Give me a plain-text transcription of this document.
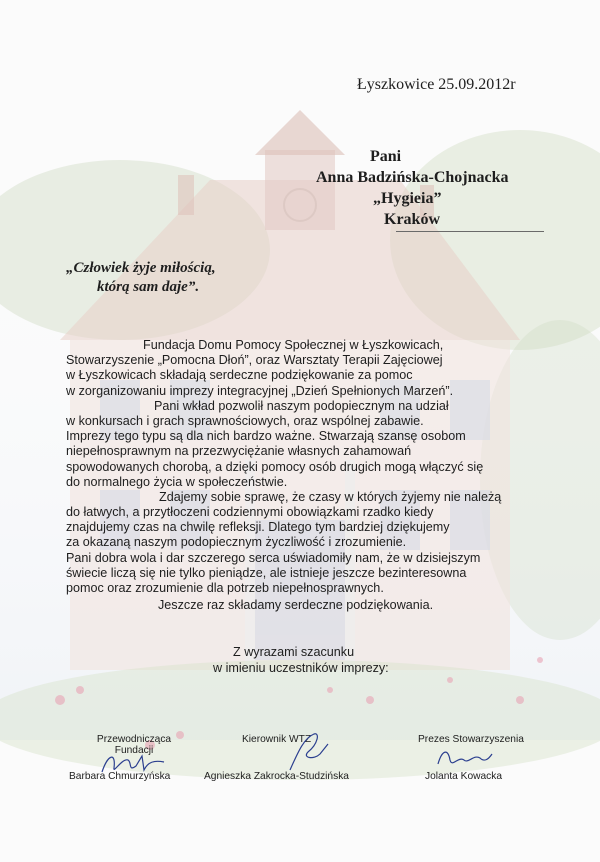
Łyszkowice 25.09.2012r

Pani
Anna Badzińska-Chojnacka
„Hygieia”
Kraków
„Człowiek żyje miłością,
którą sam daje”.
Fundacja Domu Pomocy Społecznej w Łyszkowicach,
Stowarzyszenie „Pomocna Dłoń”, oraz Warsztaty Terapii Zajęciowej
w Łyszkowicach składają serdeczne podziękowanie za pomoc
w zorganizowaniu imprezy integracyjnej „Dzień Spełnionych Marzeń”.
Pani wkład pozwolił naszym podopiecznym na udział
w konkursach i grach sprawnościowych, oraz wspólnej zabawie.
Imprezy tego typu są dla nich bardzo ważne. Stwarzają szansę osobom
niepełnosprawnym na przezwyciężanie własnych zahamowań
spowodowanych chorobą, a dzięki pomocy osób drugich mogą włączyć się
do normalnego życia w społeczeństwie.
Zdajemy sobie sprawę, że czasy w których żyjemy nie należą
do łatwych, a przytłoczeni codziennymi obowiązkami rzadko kiedy
znajdujemy czas na chwilę refleksji. Dlatego tym bardziej dziękujemy
za okazaną naszym podopiecznym życzliwość i zrozumienie.
Pani dobra wola i dar szczerego serca uświadomiły nam, że w dzisiejszym
świecie liczą się nie tylko pieniądze, ale istnieje jeszcze bezinteresowna
pomoc oraz zrozumienie dla potrzeb niepełnosprawnych.

Jeszcze raz składamy serdeczne podziękowania.

Z wyrazami szacunku
w imieniu uczestników imprezy:
Przewodnicząca Fundacji
Barbara Chmurzyńska
Kierownik WTZ
Agnieszka Zakrocka-Studzińska
Prezes Stowarzyszenia
Jolanta Kowacka
